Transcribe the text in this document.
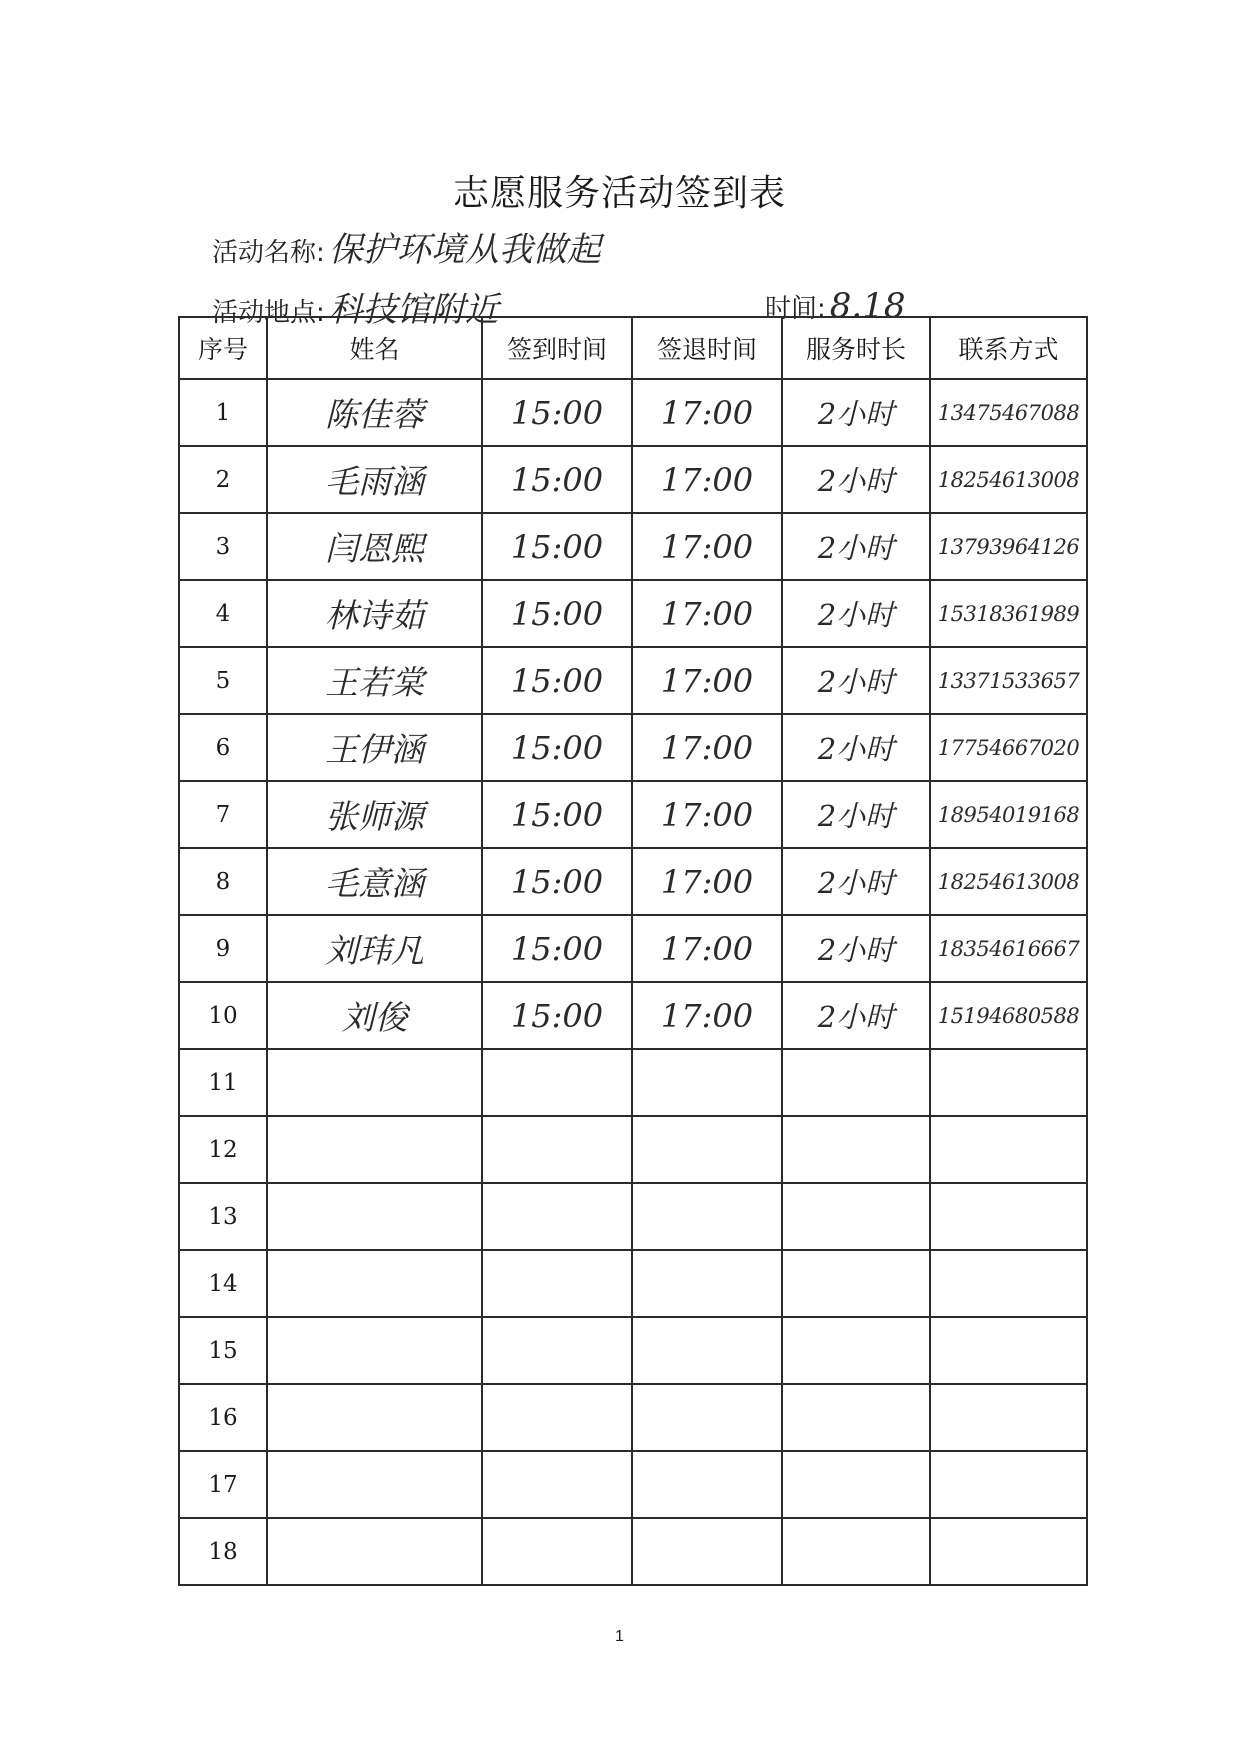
志愿服务活动签到表
活动名称: 保护环境从我做起
活动地点: 科技馆附近	时间: 8.18
序号	姓名	签到时间	签退时间	服务时长	联系方式
1	陈佳蓉	15:00	17:00	2小时	13475467088
2	毛雨涵	15:00	17:00	2小时	18254613008
3	闫恩熙	15:00	17:00	2小时	13793964126
4	林诗茹	15:00	17:00	2小时	15318361989
5	王若棠	15:00	17:00	2小时	13371533657
6	王伊涵	15:00	17:00	2小时	17754667020
7	张师源	15:00	17:00	2小时	18954019168
8	毛意涵	15:00	17:00	2小时	18254613008
9	刘玮凡	15:00	17:00	2小时	18354616667
10	刘俊	15:00	17:00	2小时	15194680588
11					
12					
13					
14					
15					
16					
17					
18					
1
